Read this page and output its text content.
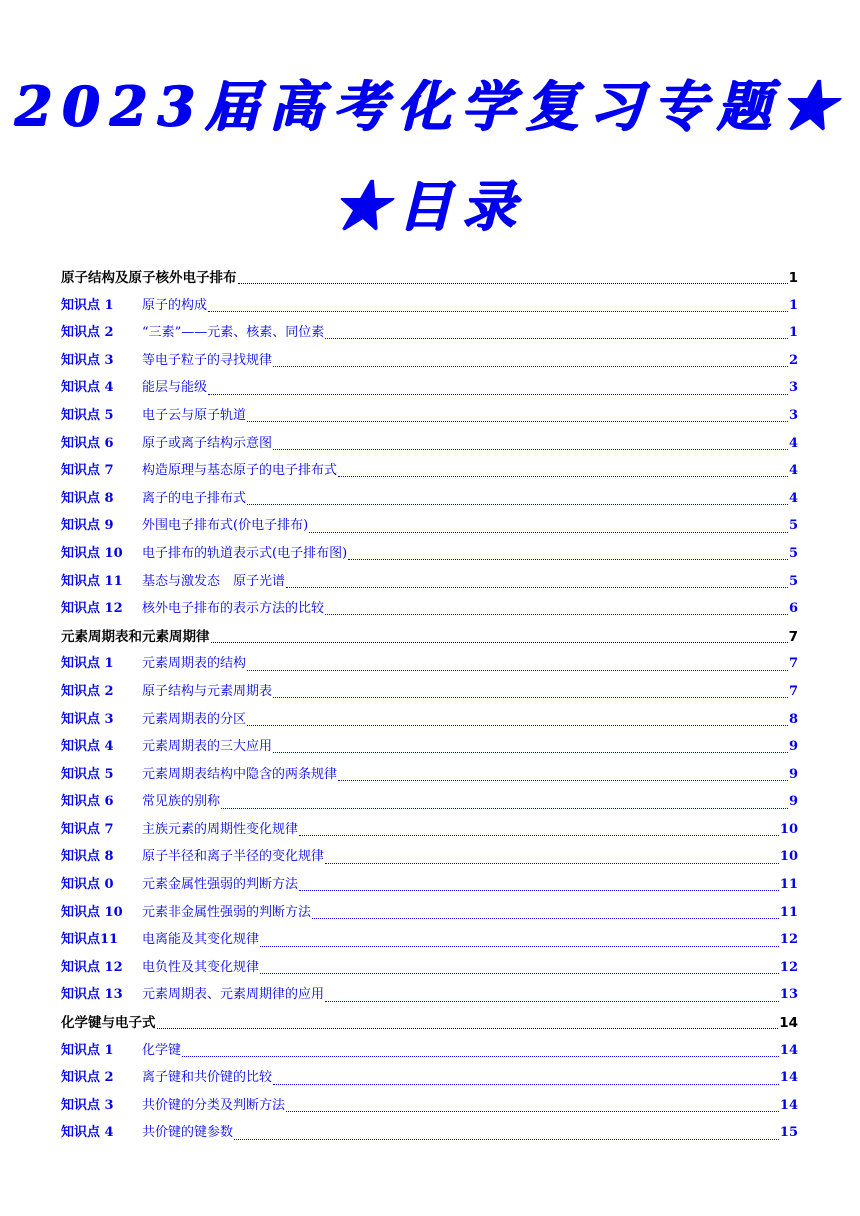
2023届高考化学复习专题★
★目录
原子结构及原子核外电子排布	1
知识点 1	原子的构成	1
知识点 2	“三素”——元素、核素、同位素	1
知识点 3	等电子粒子的寻找规律	2
知识点 4	能层与能级	3
知识点 5	电子云与原子轨道	3
知识点 6	原子或离子结构示意图	4
知识点 7	构造原理与基态原子的电子排布式	4
知识点 8	离子的电子排布式	4
知识点 9	外围电子排布式(价电子排布)	5
知识点 10	电子排布的轨道表示式(电子排布图)	5
知识点 11	基态与激发态　原子光谱	5
知识点 12	核外电子排布的表示方法的比较	6
元素周期表和元素周期律	7
知识点 1	元素周期表的结构	7
知识点 2	原子结构与元素周期表	7
知识点 3	元素周期表的分区	8
知识点 4	元素周期表的三大应用	9
知识点 5	元素周期表结构中隐含的两条规律	9
知识点 6	常见族的别称	9
知识点 7	主族元素的周期性变化规律	10
知识点 8	原子半径和离子半径的变化规律	10
知识点 0	元素金属性强弱的判断方法	11
知识点 10	元素非金属性强弱的判断方法	11
知识点11	电离能及其变化规律	12
知识点 12	电负性及其变化规律	12
知识点 13	元素周期表、元素周期律的应用	13
化学键与电子式	14
知识点 1	化学键	14
知识点 2	离子键和共价键的比较	14
知识点 3	共价键的分类及判断方法	14
知识点 4	共价键的键参数	15
